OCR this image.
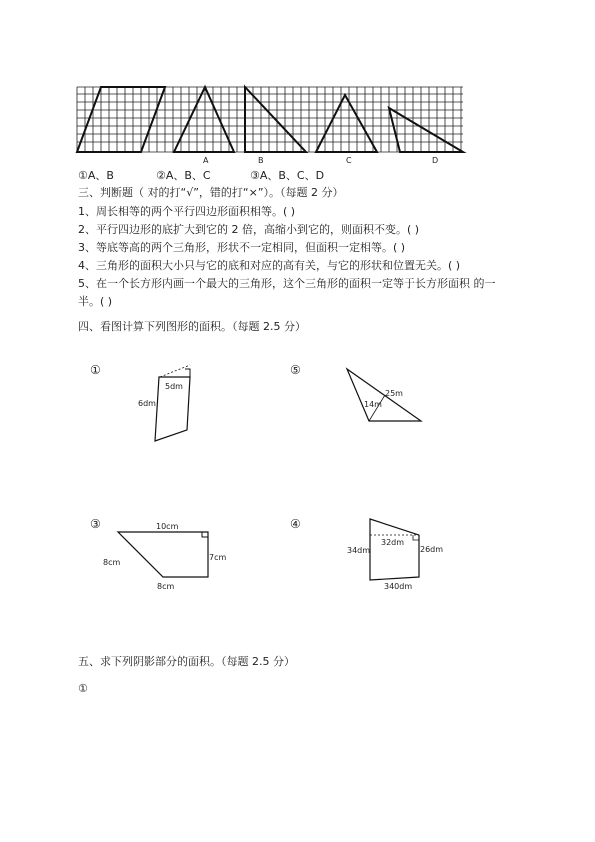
A	B	C	D
①
5dm
6dm
⑤
25m
14m
③	10cm
8cm
7cm
8cm
④
34dm
32dm
26dm
340dm
①A、B	②A、B、C	③A、B、C、D
三、判断题（ 对的打“√”，错的打“×”）。（每题 2 分）
1、周长相等的两个平行四边形面积相等。( )
2、平行四边形的底扩大到它的 2 倍，高缩小到它的，则面积不变。( )
3、等底等高的两个三角形，形状不一定相同，但面积一定相等。( )
4、三角形的面积大小只与它的底和对应的高有关，与它的形状和位置无关。( )
5、在一个长方形内画一个最大的三角形，这个三角形的面积一定等于长方形面积 的一
半。( )
四、看图计算下列图形的面积。（每题 2.5 分）
五、求下列阴影部分的面积。（每题 2.5 分）
①
